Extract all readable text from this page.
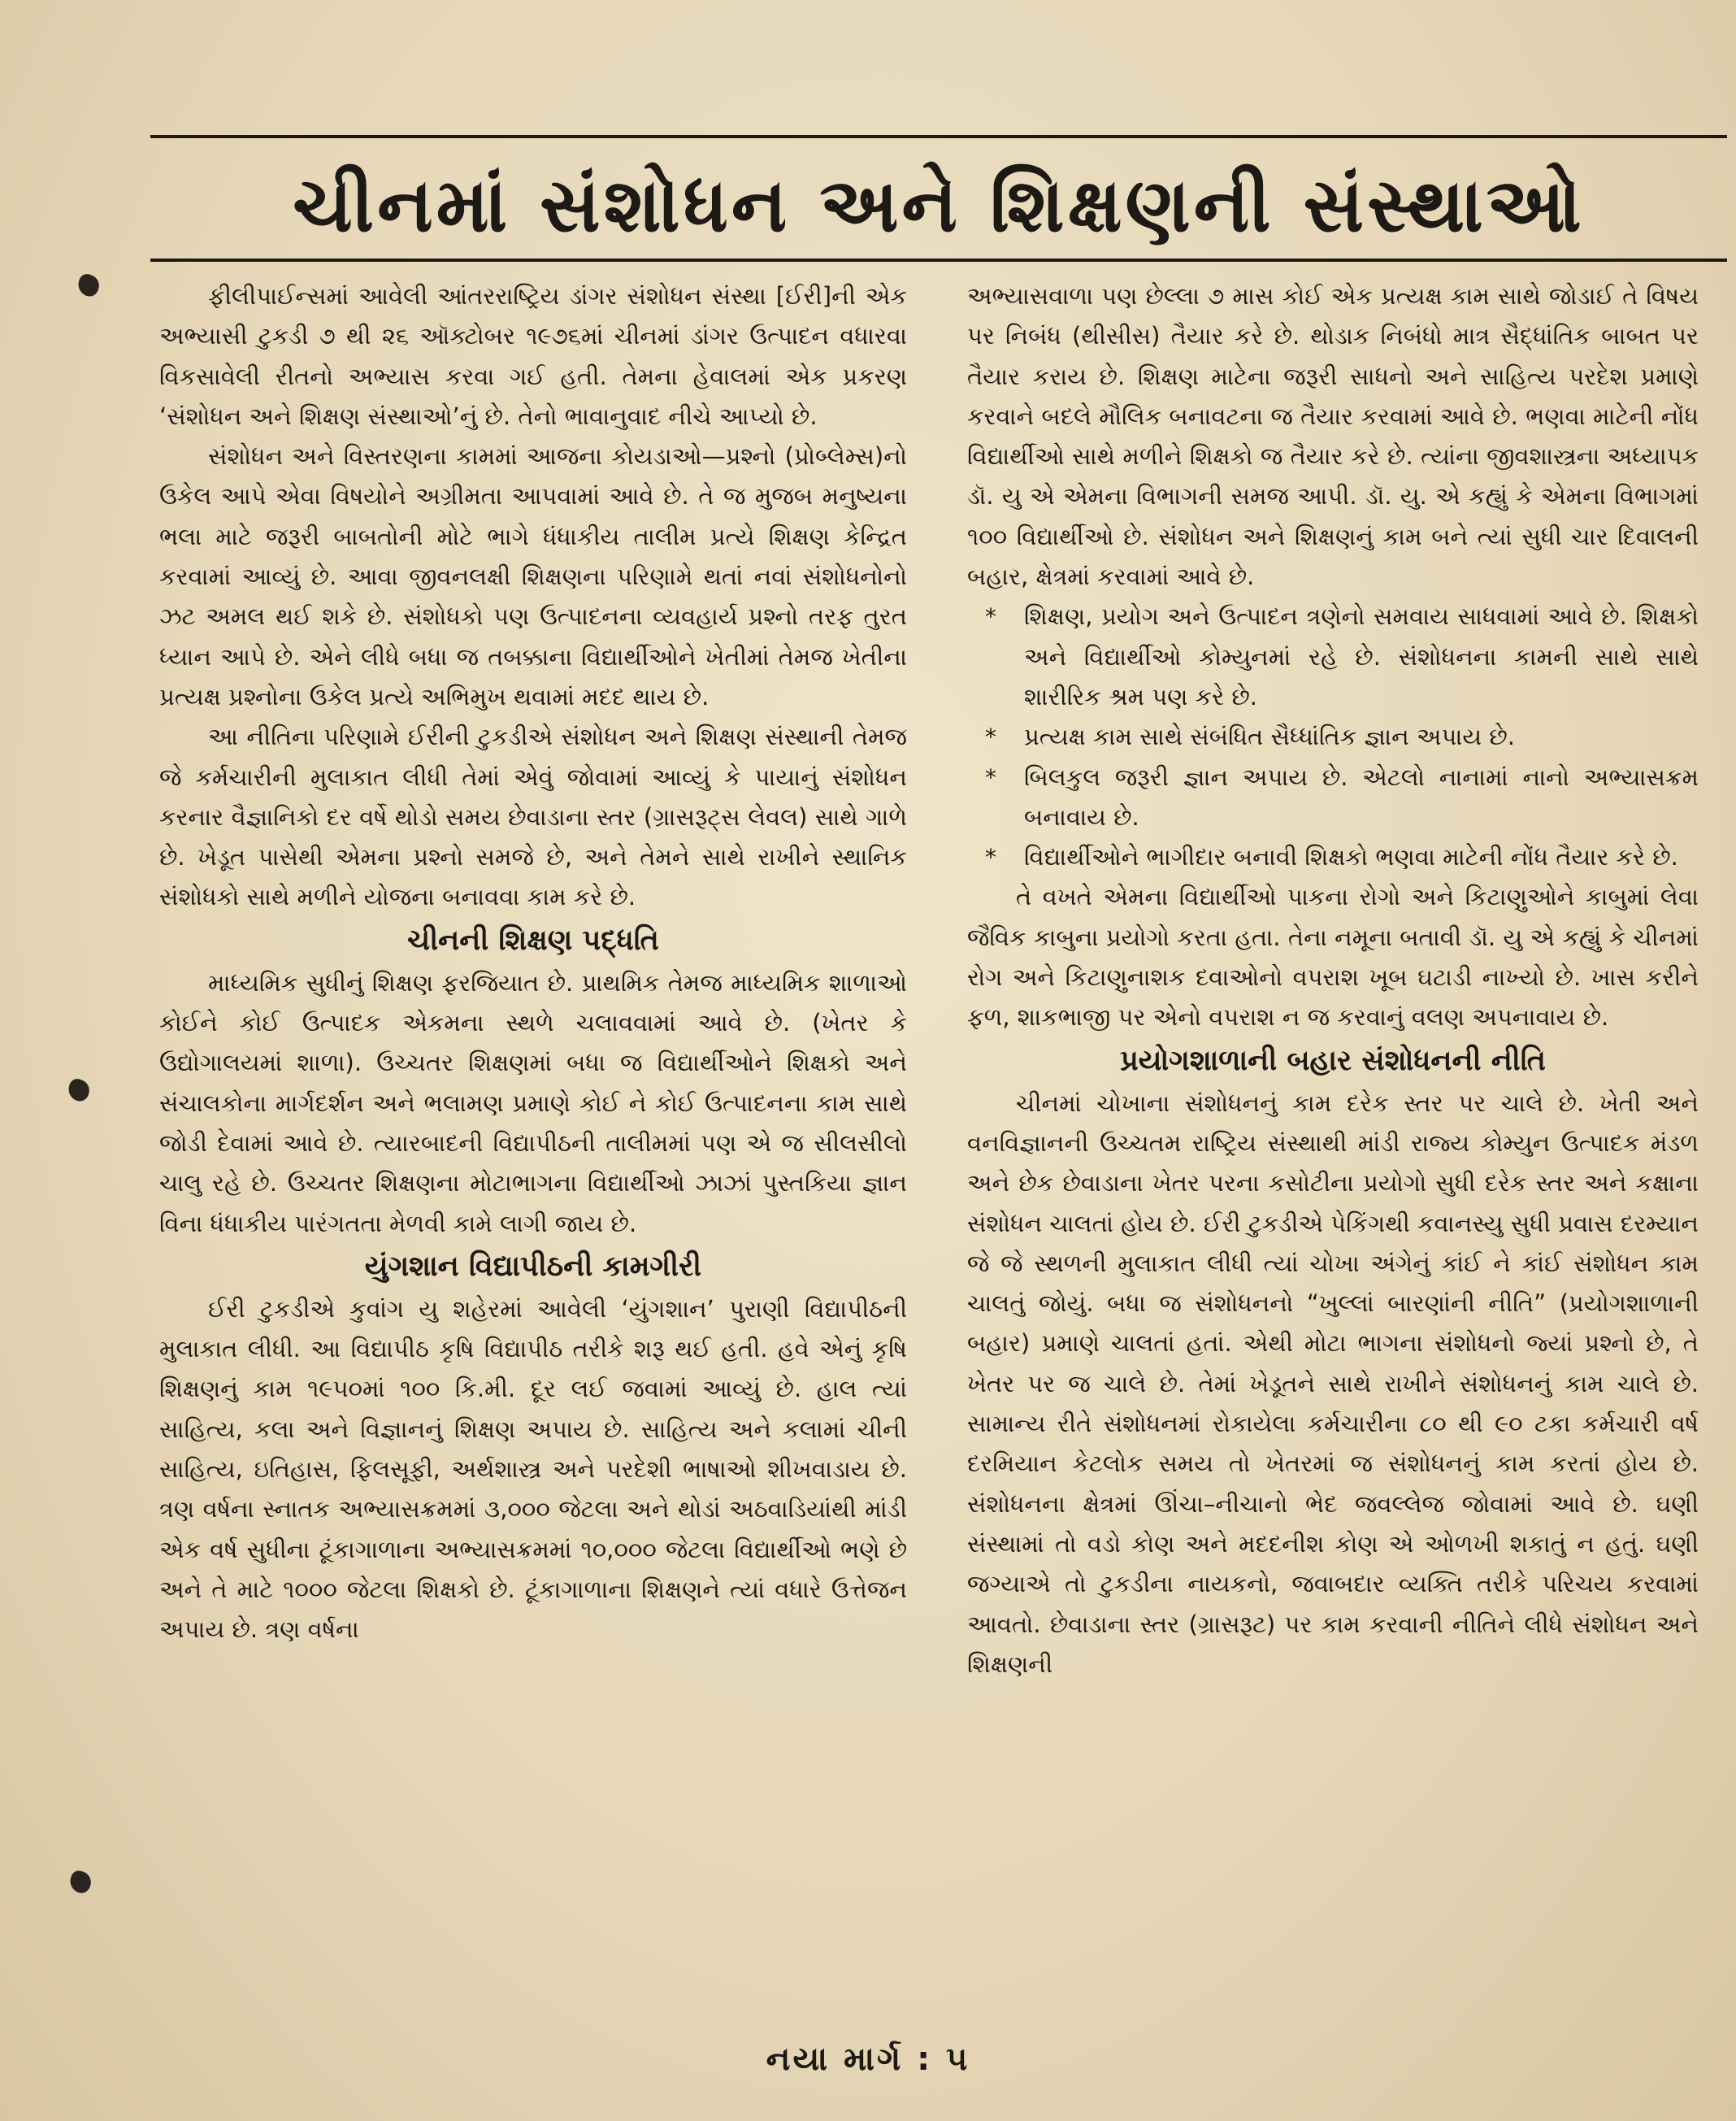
ચીનમાં સંશોધન અને શિક્ષણની સંસ્થાઓ

ફીલીપાઈન્સમાં આવેલી આંતરરાષ્ટ્રિય ડાંગર સંશોધન સંસ્થા [ઈરી]ની એક અભ્યાસી ટુકડી ૭ થી ૨૬ ઑક્ટોબર ૧૯૭૬માં ચીનમાં ડાંગર ઉત્પાદન વધારવા વિકસાવેલી રીતનો અભ્યાસ કરવા ગઈ હતી. તેમના હેવાલમાં એક પ્રકરણ ‘સંશોધન અને શિક્ષણ સંસ્થાઓ’નું છે. તેનો ભાવાનુવાદ નીચે આપ્યો છે.

સંશોધન અને વિસ્તરણના કામમાં આજના કોયડાઓ—પ્રશ્નો (પ્રોબ્લેમ્સ)નો ઉકેલ આપે એવા વિષયોને અગ્રીમતા આપવામાં આવે છે. તે જ મુજબ મનુષ્યના ભલા માટે જરૂરી બાબતોની મોટે ભાગે ધંધાકીય તાલીમ પ્રત્યે શિક્ષણ કેન્દ્રિત કરવામાં આવ્યું છે. આવા જીવનલક્ષી શિક્ષણના પરિણામે થતાં નવાં સંશોધનોનો ઝટ અમલ થઈ શકે છે. સંશોધકો પણ ઉત્પાદનના વ્યવહાર્ય પ્રશ્નો તરફ તુરત ધ્યાન આપે છે. એને લીધે બધા જ તબક્કાના વિદ્યાર્થીઓને ખેતીમાં તેમજ ખેતીના પ્રત્યક્ષ પ્રશ્નોના ઉકેલ પ્રત્યે અભિમુખ થવામાં મદદ થાય છે.

આ નીતિના પરિણામે ઈરીની ટુકડીએ સંશોધન અને શિક્ષણ સંસ્થાની તેમજ જે કર્મચારીની મુલાકાત લીધી તેમાં એવું જોવામાં આવ્યું કે પાયાનું સંશોધન કરનાર વૈજ્ઞાનિકો દર વર્ષે થોડો સમય છેવાડાના સ્તર (ગ્રાસરૂટ્સ લેવલ) સાથે ગાળે છે. ખેડૂત પાસેથી એમના પ્રશ્નો સમજે છે, અને તેમને સાથે રાખીને સ્થાનિક સંશોધકો સાથે મળીને યોજના બનાવવા કામ કરે છે.

ચીનની શિક્ષણ પદ્ધતિ

માધ્યમિક સુધીનું શિક્ષણ ફરજિયાત છે. પ્રાથમિક તેમજ માધ્યમિક શાળાઓ કોઈને કોઈ ઉત્પાદક એકમના સ્થળે ચલાવવામાં આવે છે. (ખેતર કે ઉદ્યોગાલયમાં શાળા). ઉચ્ચતર શિક્ષણમાં બધા જ વિદ્યાર્થીઓને શિક્ષકો અને સંચાલકોના માર્ગદર્શન અને ભલામણ પ્રમાણે કોઈ ને કોઈ ઉત્પાદનના કામ સાથે જોડી દેવામાં આવે છે. ત્યારબાદની વિદ્યાપીઠની તાલીમમાં પણ એ જ સીલસીલો ચાલુ રહે છે. ઉચ્ચતર શિક્ષણના મોટાભાગના વિદ્યાર્થીઓ ઝાઝાં પુસ્તકિયા જ્ઞાન વિના ધંધાકીય પારંગતતા મેળવી કામે લાગી જાય છે.

યુંગશાન વિદ્યાપીઠની કામગીરી

ઈરી ટુકડીએ કુવાંગ યુ શહેરમાં આવેલી ‘યુંગશાન’ પુરાણી વિદ્યાપીઠની મુલાકાત લીધી. આ વિદ્યાપીઠ કૃષિ વિદ્યાપીઠ તરીકે શરૂ થઈ હતી. હવે એનું કૃષિ શિક્ષણનું કામ ૧૯૫૦માં ૧૦૦ કિ.મી. દૂર લઈ જવામાં આવ્યું છે. હાલ ત્યાં સાહિત્ય, કલા અને વિજ્ઞાનનું શિક્ષણ અપાય છે. સાહિત્ય અને કલામાં ચીની સાહિત્ય, ઇતિહાસ, ફિલસૂફી, અર્થશાસ્ત્ર અને પરદેશી ભાષાઓ શીખવાડાય છે. ત્રણ વર્ષના સ્નાતક અભ્યાસક્રમમાં ૩,૦૦૦ જેટલા અને થોડાં અઠવાડિયાંથી માંડી એક વર્ષ સુધીના ટૂંકાગાળાના અભ્યાસક્રમમાં ૧૦,૦૦૦ જેટલા વિદ્યાર્થીઓ ભણે છે અને તે માટે ૧૦૦૦ જેટલા શિક્ષકો છે. ટૂંકાગાળાના શિક્ષણને ત્યાં વધારે ઉત્તેજન અપાય છે. ત્રણ વર્ષના

અભ્યાસવાળા પણ છેલ્લા ૭ માસ કોઈ એક પ્રત્યક્ષ કામ સાથે જોડાઈ તે વિષય પર નિબંધ (થીસીસ) તૈયાર કરે છે. થોડાક નિબંધો માત્ર સૈદ્ધાંતિક બાબત પર તૈયાર કરાય છે. શિક્ષણ માટેના જરૂરી સાધનો અને સાહિત્ય પરદેશ પ્રમાણે કરવાને બદલે મૌલિક બનાવટના જ તૈયાર કરવામાં આવે છે. ભણવા માટેની નોંધ વિદ્યાર્થીઓ સાથે મળીને શિક્ષકો જ તૈયાર કરે છે. ત્યાંના જીવશાસ્ત્રના અધ્યાપક ડૉ. યુ એ એમના વિભાગની સમજ આપી. ડૉ. યુ. એ કહ્યું કે એમના વિભાગમાં ૧૦૦ વિદ્યાર્થીઓ છે. સંશોધન અને શિક્ષણનું કામ બને ત્યાં સુધી ચાર દિવાલની બહાર, ક્ષેત્રમાં કરવામાં આવે છે.

* શિક્ષણ, પ્રયોગ અને ઉત્પાદન ત્રણેનો સમવાય સાધવામાં આવે છે. શિક્ષકો અને વિદ્યાર્થીઓ કોમ્યુનમાં રહે છે. સંશોધનના કામની સાથે સાથે શારીરિક શ્રમ પણ કરે છે.
* પ્રત્યક્ષ કામ સાથે સંબંધિત સૈધ્ધાંતિક જ્ઞાન અપાય છે.
* બિલકુલ જરૂરી જ્ઞાન અપાય છે. એટલો નાનામાં નાનો અભ્યાસક્રમ બનાવાય છે.
* વિદ્યાર્થીઓને ભાગીદાર બનાવી શિક્ષકો ભણવા માટેની નોંધ તૈયાર કરે છે.

તે વખતે એમના વિદ્યાર્થીઓ પાકના રોગો અને કિટાણુઓને કાબુમાં લેવા જૈવિક કાબુના પ્રયોગો કરતા હતા. તેના નમૂના બતાવી ડૉ. યુ એ કહ્યું કે ચીનમાં રોગ અને કિટાણુનાશક દવાઓનો વપરાશ ખૂબ ઘટાડી નાખ્યો છે. ખાસ કરીને ફળ, શાકભાજી પર એનો વપરાશ ન જ કરવાનું વલણ અપનાવાય છે.

પ્રયોગશાળાની બહાર સંશોધનની નીતિ

ચીનમાં ચોખાના સંશોધનનું કામ દરેક સ્તર પર ચાલે છે. ખેતી અને વનવિજ્ઞાનની ઉચ્ચતમ રાષ્ટ્રિય સંસ્થાથી માંડી રાજ્ય કોમ્યુન ઉત્પાદક મંડળ અને છેક છેવાડાના ખેતર પરના કસોટીના પ્રયોગો સુધી દરેક સ્તર અને કક્ષાના સંશોધન ચાલતાં હોય છે. ઈરી ટુકડીએ પેકિંગથી કવાનસ્યુ સુધી પ્રવાસ દરમ્યાન જે જે સ્થળની મુલાકાત લીધી ત્યાં ચોખા અંગેનું કાંઈ ને કાંઈ સંશોધન કામ ચાલતું જોયું. બધા જ સંશોધનનો “ખુલ્લાં બારણાંની નીતિ” (પ્રયોગશાળાની બહાર) પ્રમાણે ચાલતાં હતાં. એથી મોટા ભાગના સંશોધનો જ્યાં પ્રશ્નો છે, તે ખેતર પર જ ચાલે છે. તેમાં ખેડૂતને સાથે રાખીને સંશોધનનું કામ ચાલે છે. સામાન્ય રીતે સંશોધનમાં રોકાયેલા કર્મચારીના ૮૦ થી ૯૦ ટકા કર્મચારી વર્ષ દરમિયાન કેટલોક સમય તો ખેતરમાં જ સંશોધનનું કામ કરતાં હોય છે. સંશોધનના ક્ષેત્રમાં ઊંચા–નીચાનો ભેદ જવલ્લેજ જોવામાં આવે છે. ઘણી સંસ્થામાં તો વડો કોણ અને મદદનીશ કોણ એ ઓળખી શકાતું ન હતું. ઘણી જગ્યાએ તો ટુકડીના નાયકનો, જવાબદાર વ્યક્તિ તરીકે પરિચય કરવામાં આવતો. છેવાડાના સ્તર (ગ્રાસરૂટ) પર કામ કરવાની નીતિને લીધે સંશોધન અને શિક્ષણની

નયા માર્ગ : ૫
